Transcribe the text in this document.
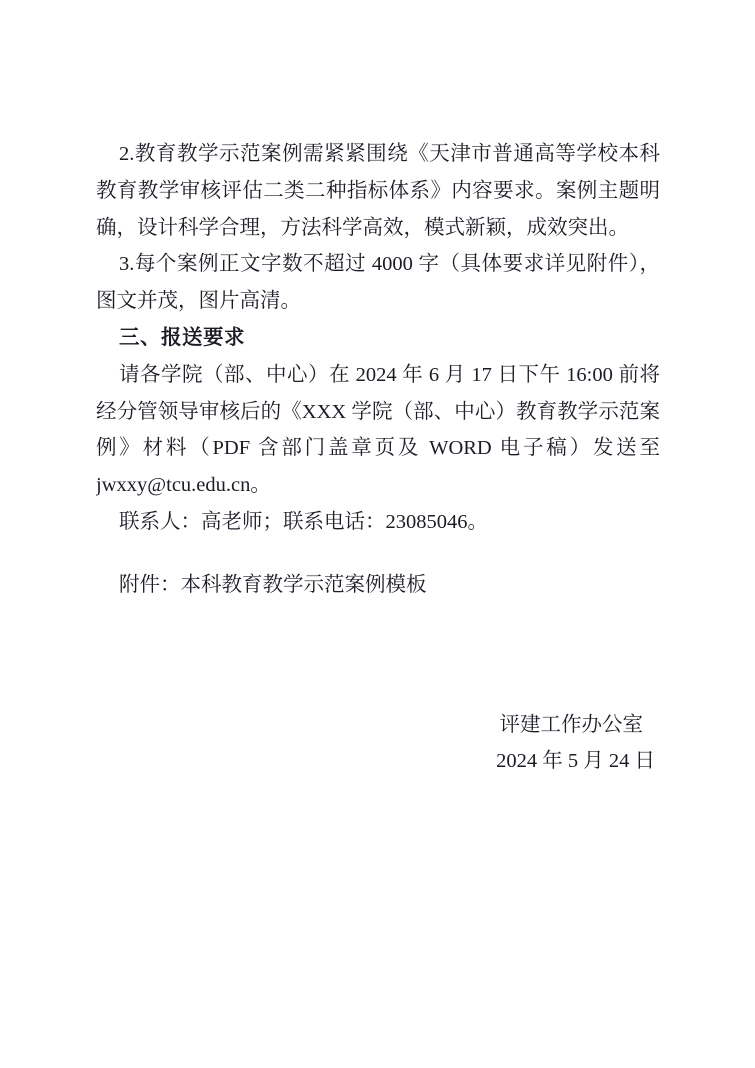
2.教育教学示范案例需紧紧围绕《天津市普通高等学校本科
教育教学审核评估二类二种指标体系》内容要求。案例主题明
确，设计科学合理，方法科学高效，模式新颖，成效突出。
3.每个案例正文字数不超过 4000 字（具体要求详见附件），
图文并茂，图片高清。
三、报送要求
请各学院（部、中心）在 2024 年 6 月 17 日下午 16:00 前将
经分管领导审核后的《XXX 学院（部、中心）教育教学示范案
例》材料（PDF 含部门盖章页及 WORD 电子稿）发送至
jwxxy@tcu.edu.cn。
联系人：高老师；联系电话：23085046。
附件：本科教育教学示范案例模板
评建工作办公室
2024 年 5 月 24 日
